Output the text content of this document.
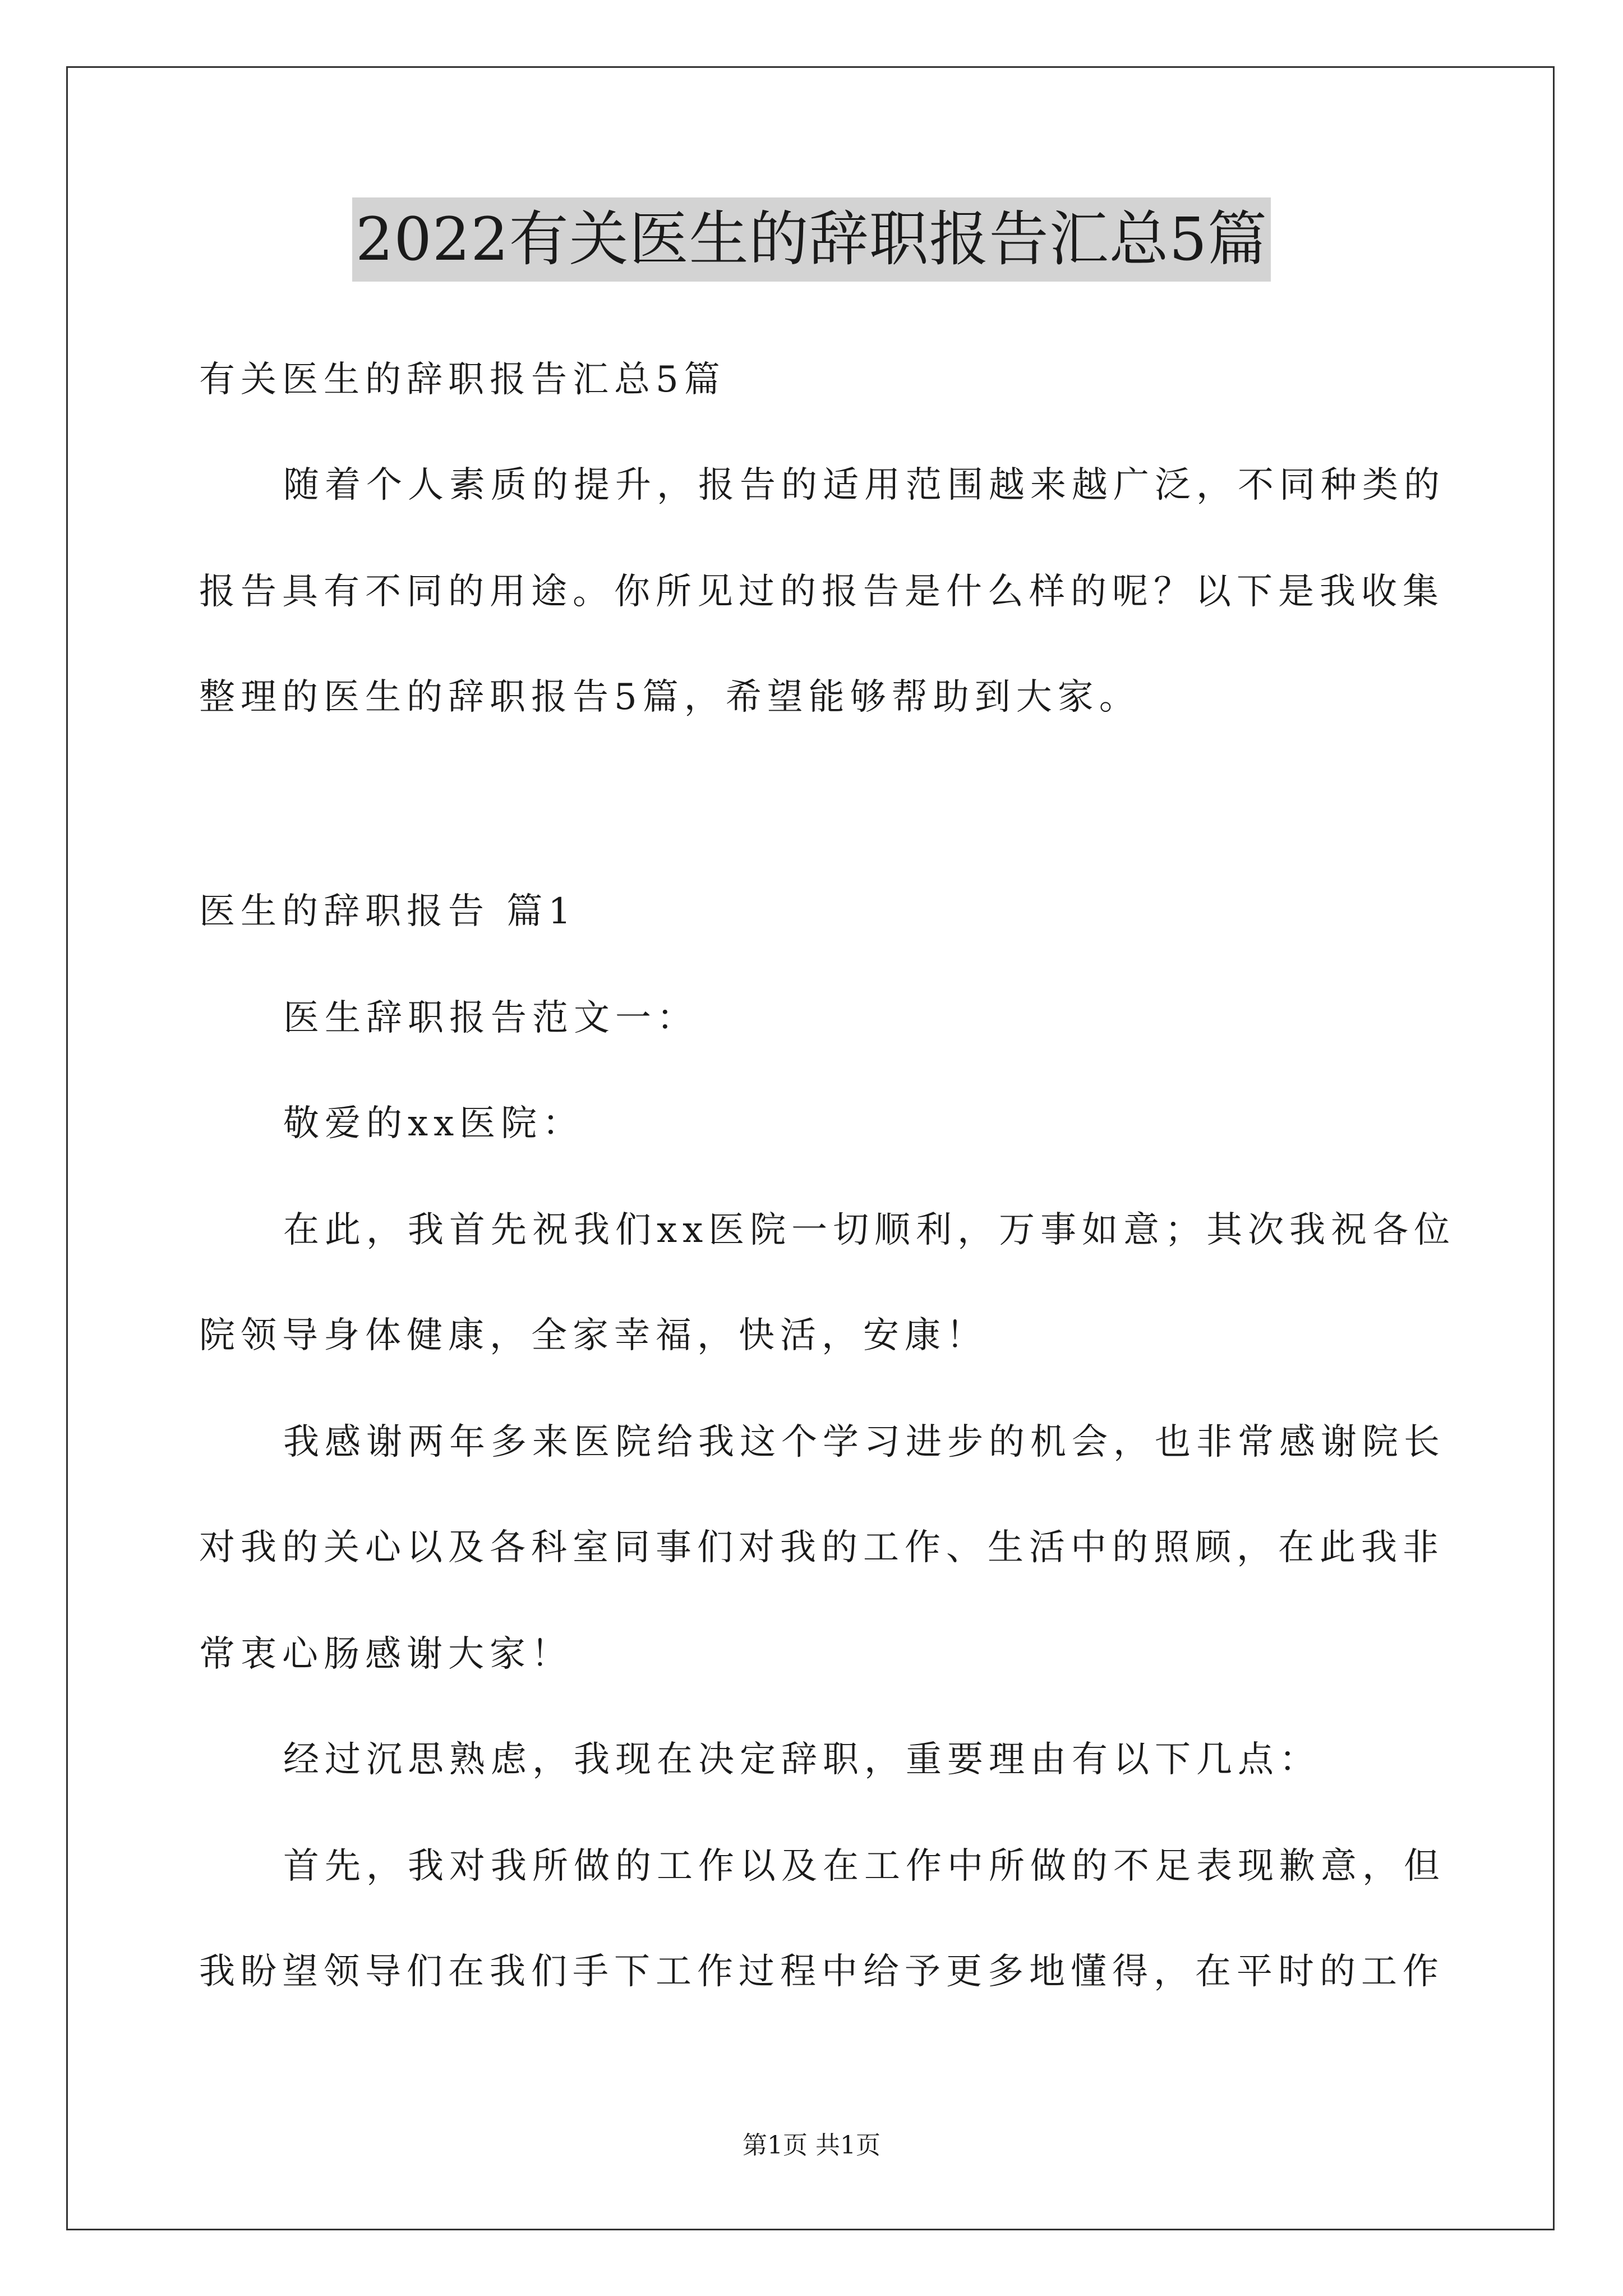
2022有关医生的辞职报告汇总5篇
有关医生的辞职报告汇总5篇
随着个人素质的提升，报告的适用范围越来越广泛，不同种类的
报告具有不同的用途。你所见过的报告是什么样的呢？以下是我收集
整理的医生的辞职报告5篇，希望能够帮助到大家。
医生的辞职报告 篇1
医生辞职报告范文一：
敬爱的xx医院：
在此，我首先祝我们xx医院一切顺利，万事如意；其次我祝各位
院领导身体健康，全家幸福，快活，安康！
我感谢两年多来医院给我这个学习进步的机会，也非常感谢院长
对我的关心以及各科室同事们对我的工作、生活中的照顾，在此我非
常衷心肠感谢大家！
经过沉思熟虑，我现在决定辞职，重要理由有以下几点：
首先，我对我所做的工作以及在工作中所做的不足表现歉意，但
我盼望领导们在我们手下工作过程中给予更多地懂得，在平时的工作
第1页 共1页
